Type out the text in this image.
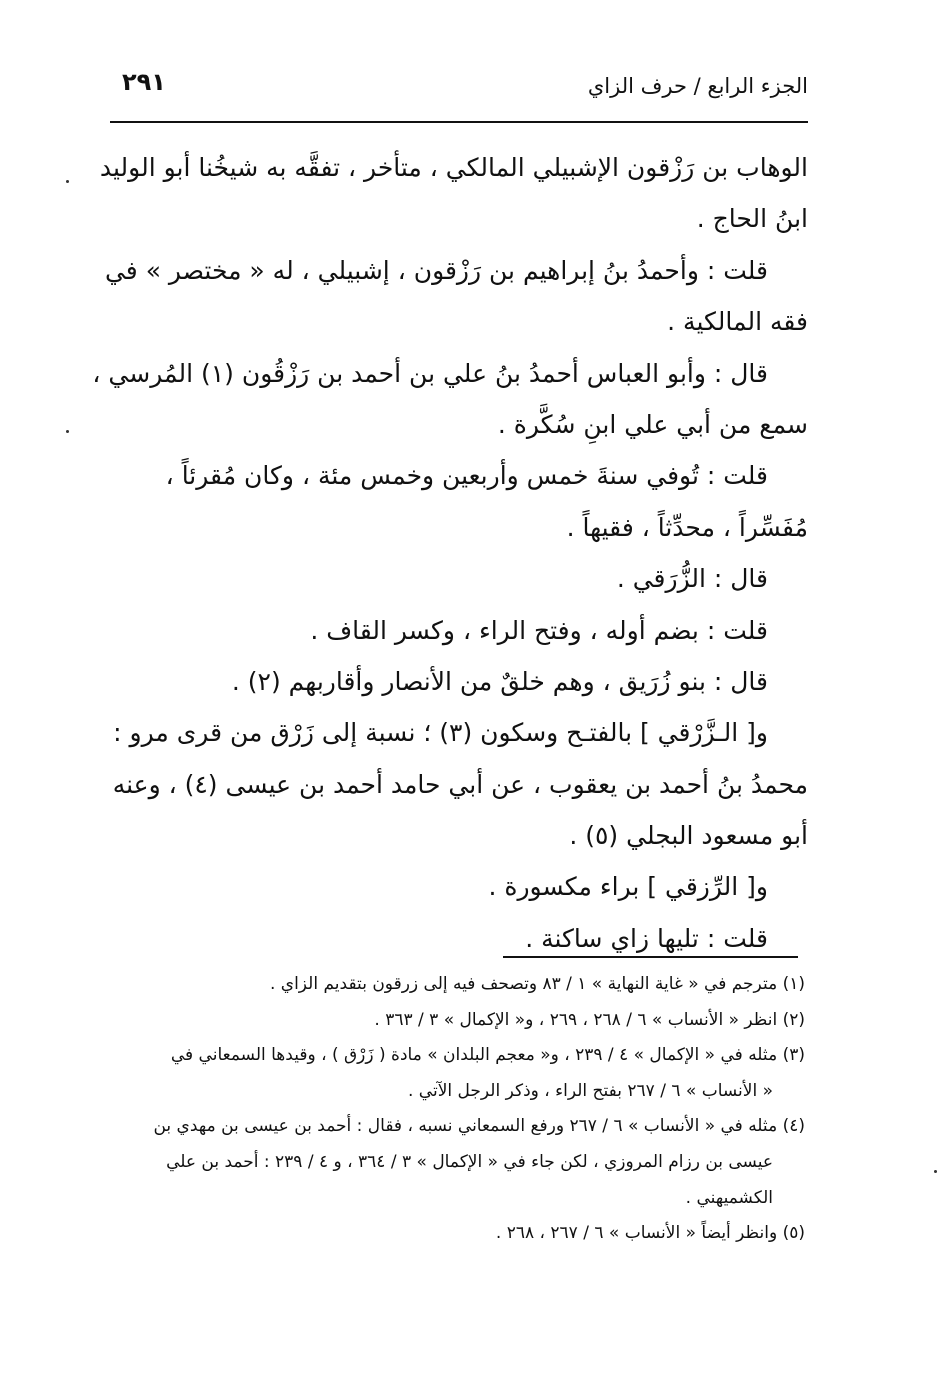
الجزء الرابع / حرف الزاي
٢٩١

الوهاب بن رَزْقون الإشبيلي المالكي ، متأخر ، تفقَّه به شيخُنا أبو الوليد

ابنُ الحاج .

قلت : وأحمدُ بنُ إبراهيم بن رَزْقون ، إشبيلي ، له « مختصر » في

فقه المالكية .

قال : وأبو العباس أحمدُ بنُ علي بن أحمد بن رَزْقُون (١) المُرسي ،

سمع من أبي علي ابنِ سُكَّرة .

قلت : تُوفي سنةَ خمس وأربعين وخمس مئة ، وكان مُقرئاً ،

مُفَسِّراً ، محدِّثاً ، فقيهاً .

قال : الزُّرَقي .

قلت : بضم أوله ، وفتح الراء ، وكسر القاف .

قال : بنو زُرَيق ، وهم خلقٌ من الأنصار وأقاربهم (٢) .

و[ الـزَّرْقي ] بالفتـح وسكون (٣) ؛ نسبة إلى زَرْق من قرى مرو :

محمدُ بنُ أحمد بن يعقوب ، عن أبي حامد أحمد بن عيسى (٤) ، وعنه

أبو مسعود البجلي (٥) .

و[ الرِّزقي ] براء مكسورة .

قلت : تليها زاي ساكنة .

(١) مترجم في « غاية النهاية » ١ / ٨٣ وتصحف فيه إلى زرقون بتقديم الزاي .

(٢) انظر « الأنساب » ٦ / ٢٦٨ ، ٢٦٩ ، و« الإكمال » ٣ / ٣٦٣ .

(٣) مثله في « الإكمال » ٤ / ٢٣٩ ، و« معجم البلدان » مادة ( زَرْق ) ، وقيدها السمعاني في

« الأنساب » ٦ / ٢٦٧ بفتح الراء ، وذكر الرجل الآتي .

(٤) مثله في « الأنساب » ٦ / ٢٦٧ ورفع السمعاني نسبه ، فقال : أحمد بن عيسى بن مهدي بن

عيسى بن رزام المروزي ، لكن جاء في « الإكمال » ٣ / ٣٦٤ ، و ٤ / ٢٣٩ : أحمد بن علي

الكشميهني .

(٥) وانظر أيضاً « الأنساب » ٦ / ٢٦٧ ، ٢٦٨ .
